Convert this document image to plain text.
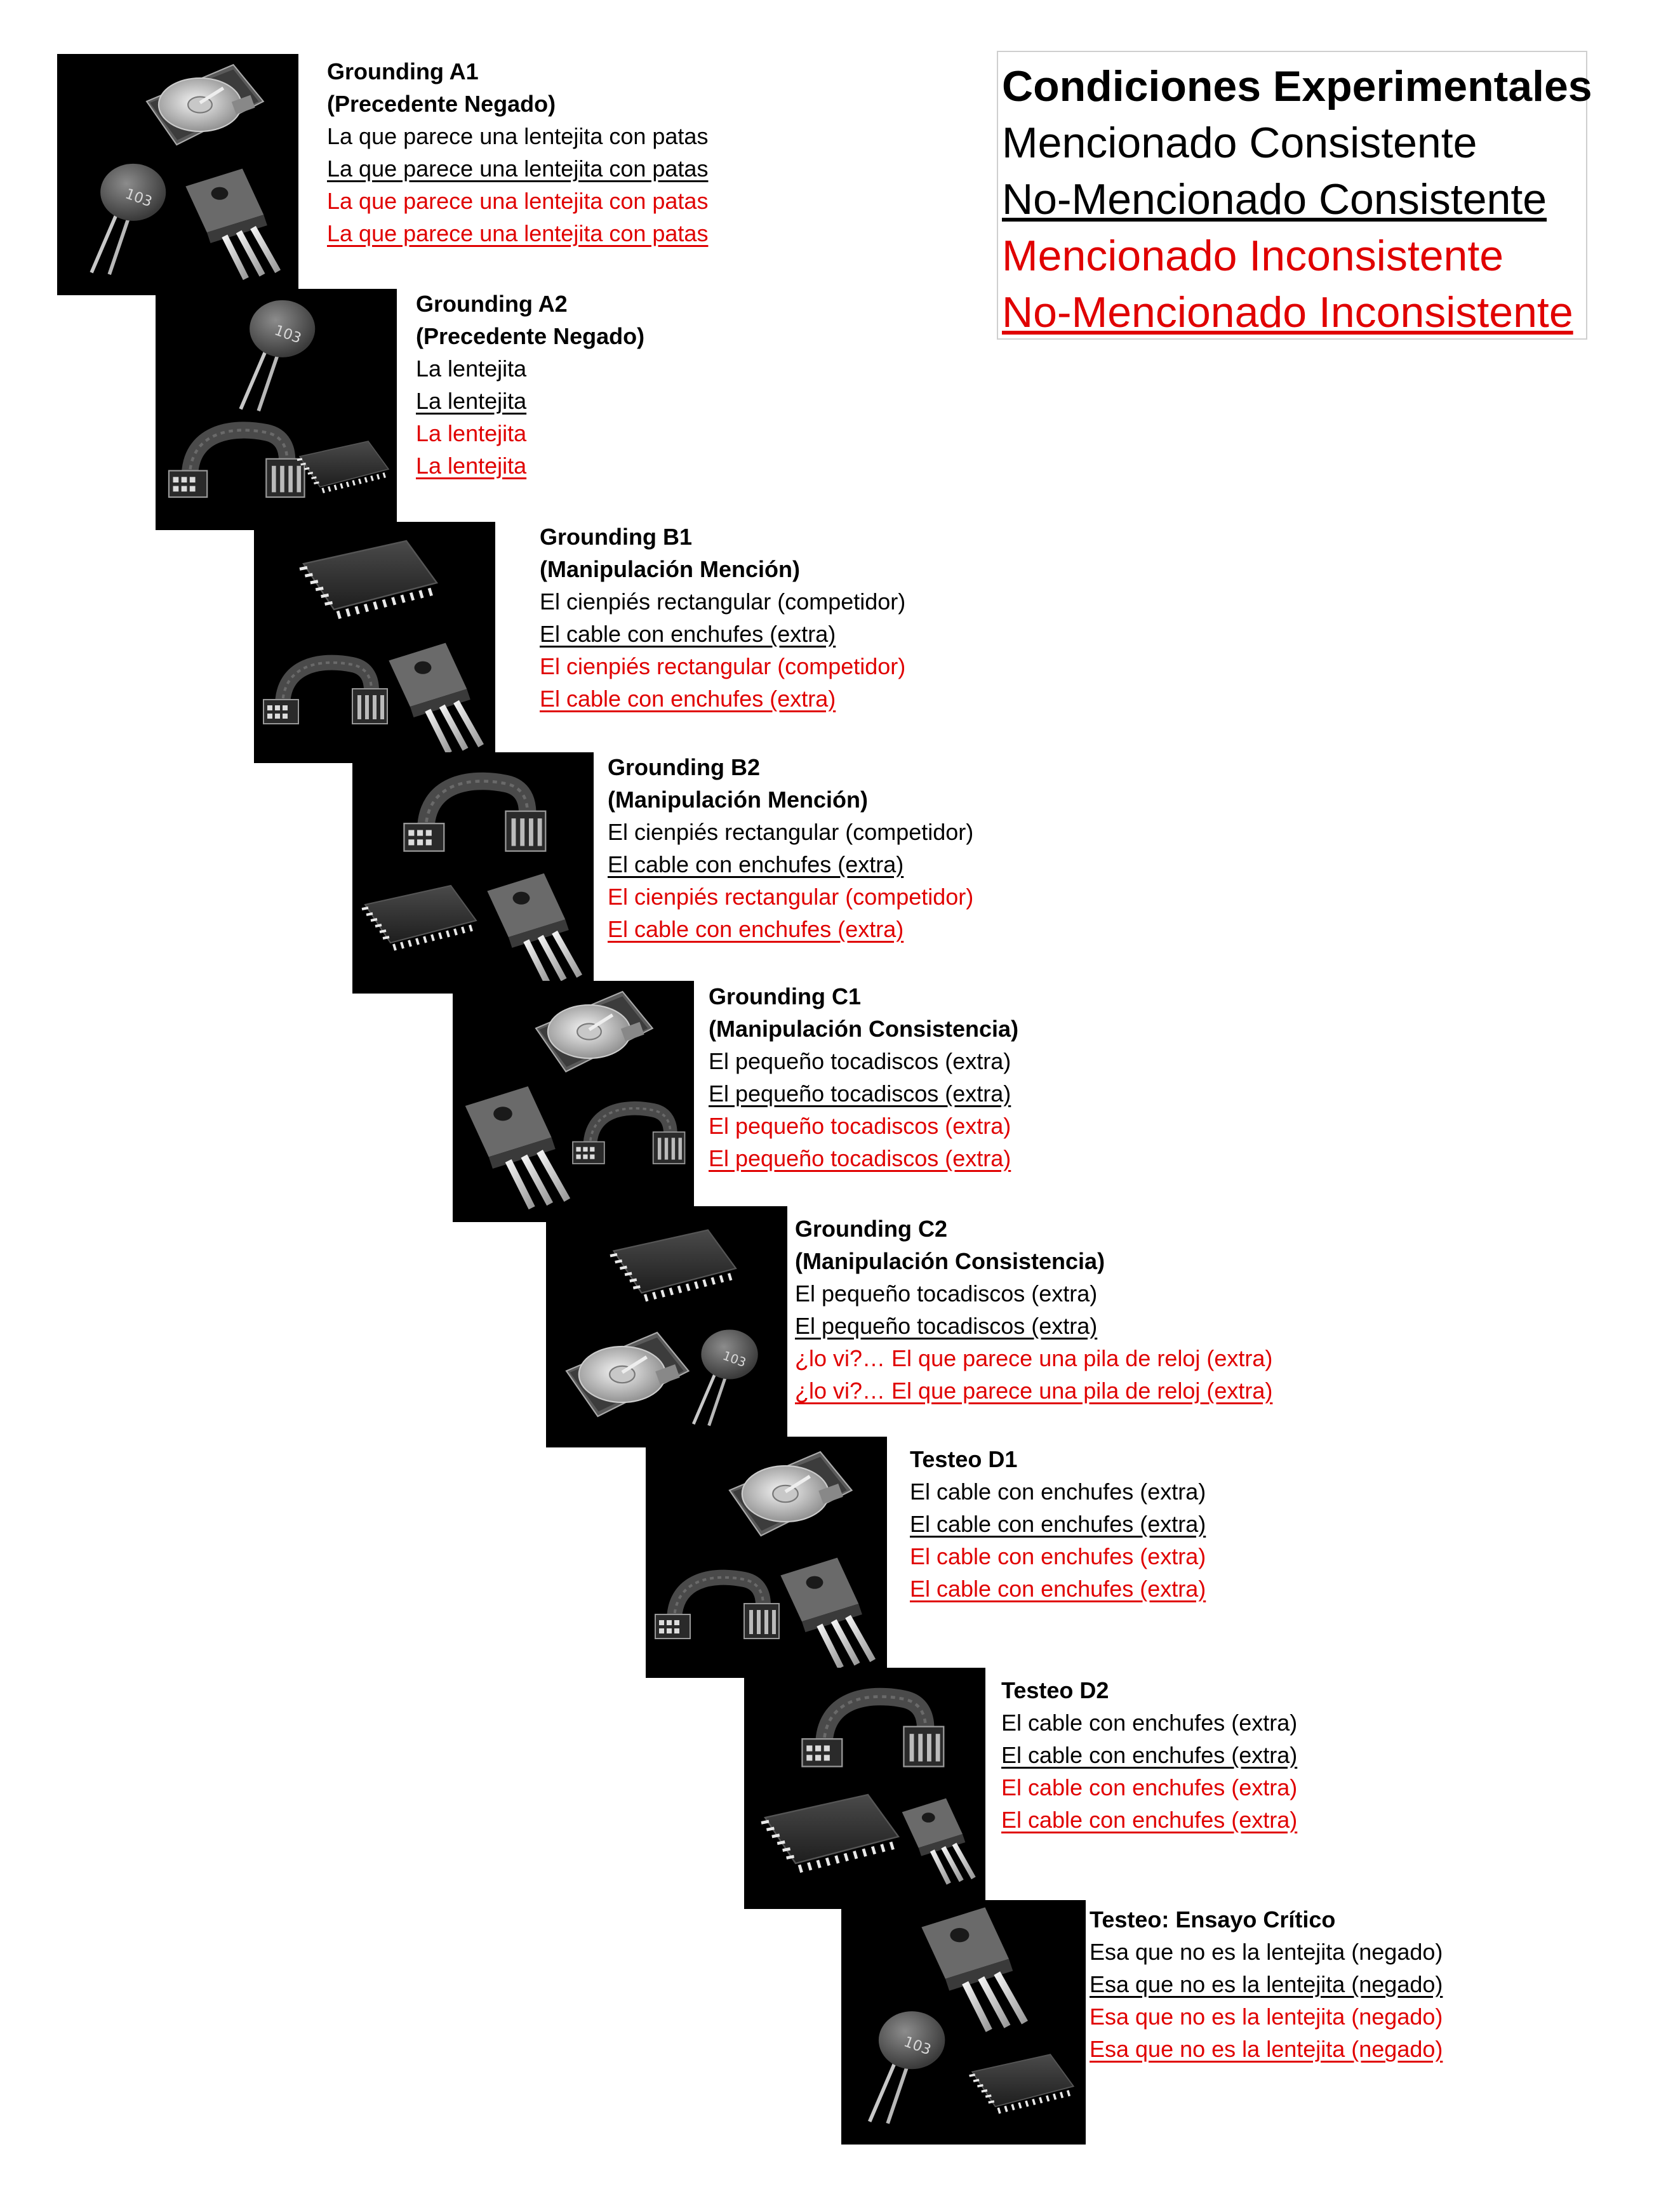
Condiciones Experimentales
Mencionado Consistente
No-Mencionado Consistente
Mencionado Inconsistente
No-Mencionado Inconsistente
Grounding A1
(Precedente Negado)
La que parece una lentejita con patas
La que parece una lentejita con patas
La que parece una lentejita con patas
La que parece una lentejita con patas
Grounding A2
(Precedente Negado)
La lentejita
La lentejita
La lentejita
La lentejita
Grounding B1
(Manipulación Mención)
El cienpiés rectangular (competidor)
El cable con enchufes (extra)
El cienpiés rectangular (competidor)
El cable con enchufes (extra)
Grounding B2
(Manipulación Mención)
El cienpiés rectangular (competidor)
El cable con enchufes (extra)
El cienpiés rectangular (competidor)
El cable con enchufes (extra)
Grounding C1
(Manipulación Consistencia)
El pequeño tocadiscos (extra)
El pequeño tocadiscos (extra)
El pequeño tocadiscos (extra)
El pequeño tocadiscos (extra)
Grounding C2
(Manipulación Consistencia)
El pequeño tocadiscos (extra)
El pequeño tocadiscos (extra)
¿lo vi?… El que parece una pila de reloj (extra)
¿lo vi?… El que parece una pila de reloj (extra)
Testeo D1
El cable con enchufes (extra)
El cable con enchufes (extra)
El cable con enchufes (extra)
El cable con enchufes (extra)
Testeo D2
El cable con enchufes (extra)
El cable con enchufes (extra)
El cable con enchufes (extra)
El cable con enchufes (extra)
Testeo: Ensayo Crítico
Esa que no es la lentejita (negado)
Esa que no es la lentejita (negado)
Esa que no es la lentejita (negado)
Esa que no es la lentejita (negado)
